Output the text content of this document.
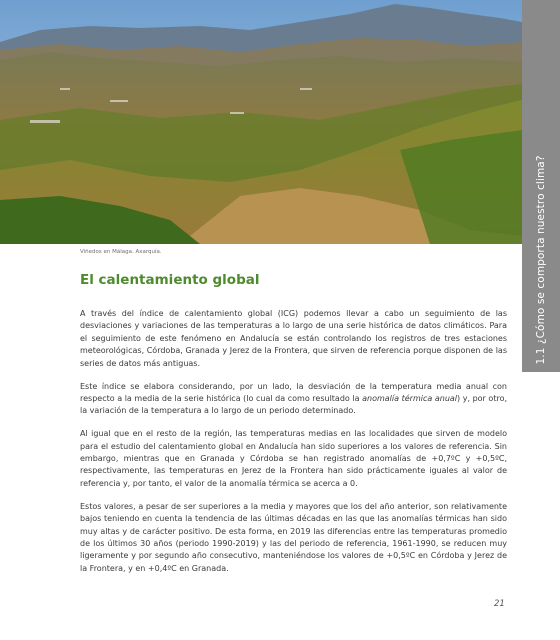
1.1 ¿Cómo se comporta nuestro clima?
Viñedos en Málaga. Axarquía.
El calentamiento global

A través del índice de calentamiento global (ICG) podemos llevar a cabo un seguimiento de las desviaciones y variaciones de las temperaturas a lo largo de una serie histórica de datos climáticos. Para el seguimiento de este fenómeno en Andalucía se están controlando los registros de tres estaciones meteorológicas, Córdoba, Granada y Jerez de la Frontera, que sirven de referencia porque disponen de las series de datos más antiguas.

Este índice se elabora considerando, por un lado, la desviación de la temperatura media anual con respecto a la media de la serie histórica (lo cual da como resultado la anomalía térmica anual) y, por otro, la variación de la temperatura a lo largo de un periodo determinado.

Al igual que en el resto de la región, las temperaturas medias en las localidades que sirven de modelo para el estudio del calentamiento global en Andalucía han sido superiores a los valores de referencia. Sin embargo, mientras que en Granada y Córdoba se han registrado anomalías de +0,7ºC y +0,5ºC, respectivamente, las temperaturas en Jerez de la Frontera han sido prácticamente iguales al valor de referencia y, por tanto, el valor de la anomalía térmica se acerca a 0.

Estos valores, a pesar de ser superiores a la media y mayores que los del año anterior, son relativamente bajos teniendo en cuenta la tendencia de las últimas décadas en las que las anomalías térmicas han sido muy altas y de carácter positivo. De esta forma, en 2019 las diferencias entre las temperaturas promedio de los últimos 30 años (periodo 1990-2019) y las del periodo de referencia, 1961-1990, se reducen muy ligeramente y por segundo año consecutivo, manteniéndose los valores de +0,5ºC en Córdoba y Jerez de la Frontera, y en +0,4ºC en Granada.

21
